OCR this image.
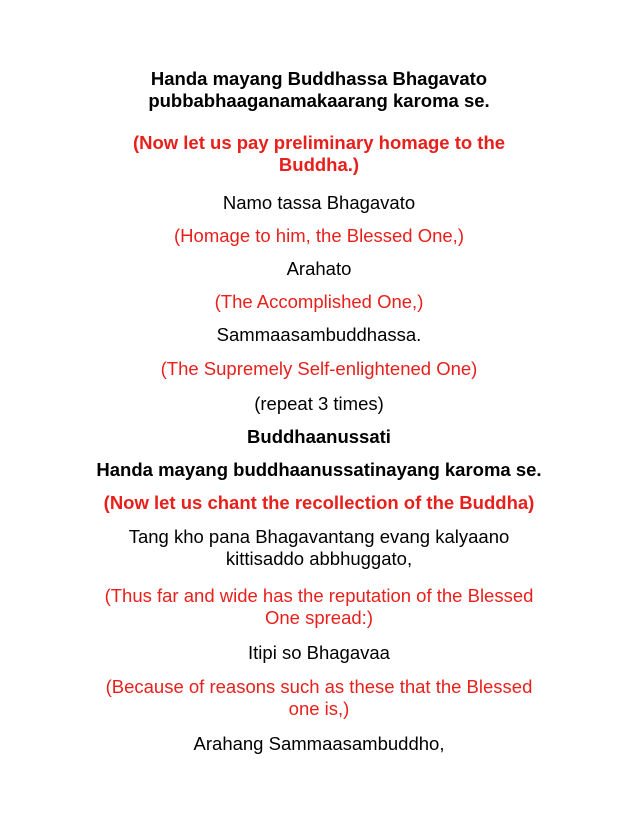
Handa mayang Buddhassa Bhagavato
pubbabhaaganamakaarang karoma se.
(Now let us pay preliminary homage to the
Buddha.)
Namo tassa Bhagavato
(Homage to him, the Blessed One,)
Arahato
(The Accomplished One,)
Sammaasambuddhassa.
(The Supremely Self-enlightened One)
(repeat 3 times)
Buddhaanussati
Handa mayang buddhaanussatinayang karoma se.
(Now let us chant the recollection of the Buddha)
Tang kho pana Bhagavantang evang kalyaano
kittisaddo abbhuggato,
(Thus far and wide has the reputation of the Blessed
One spread:)
Itipi so Bhagavaa
(Because of reasons such as these that the Blessed
one is,)
Arahang Sammaasambuddho,
